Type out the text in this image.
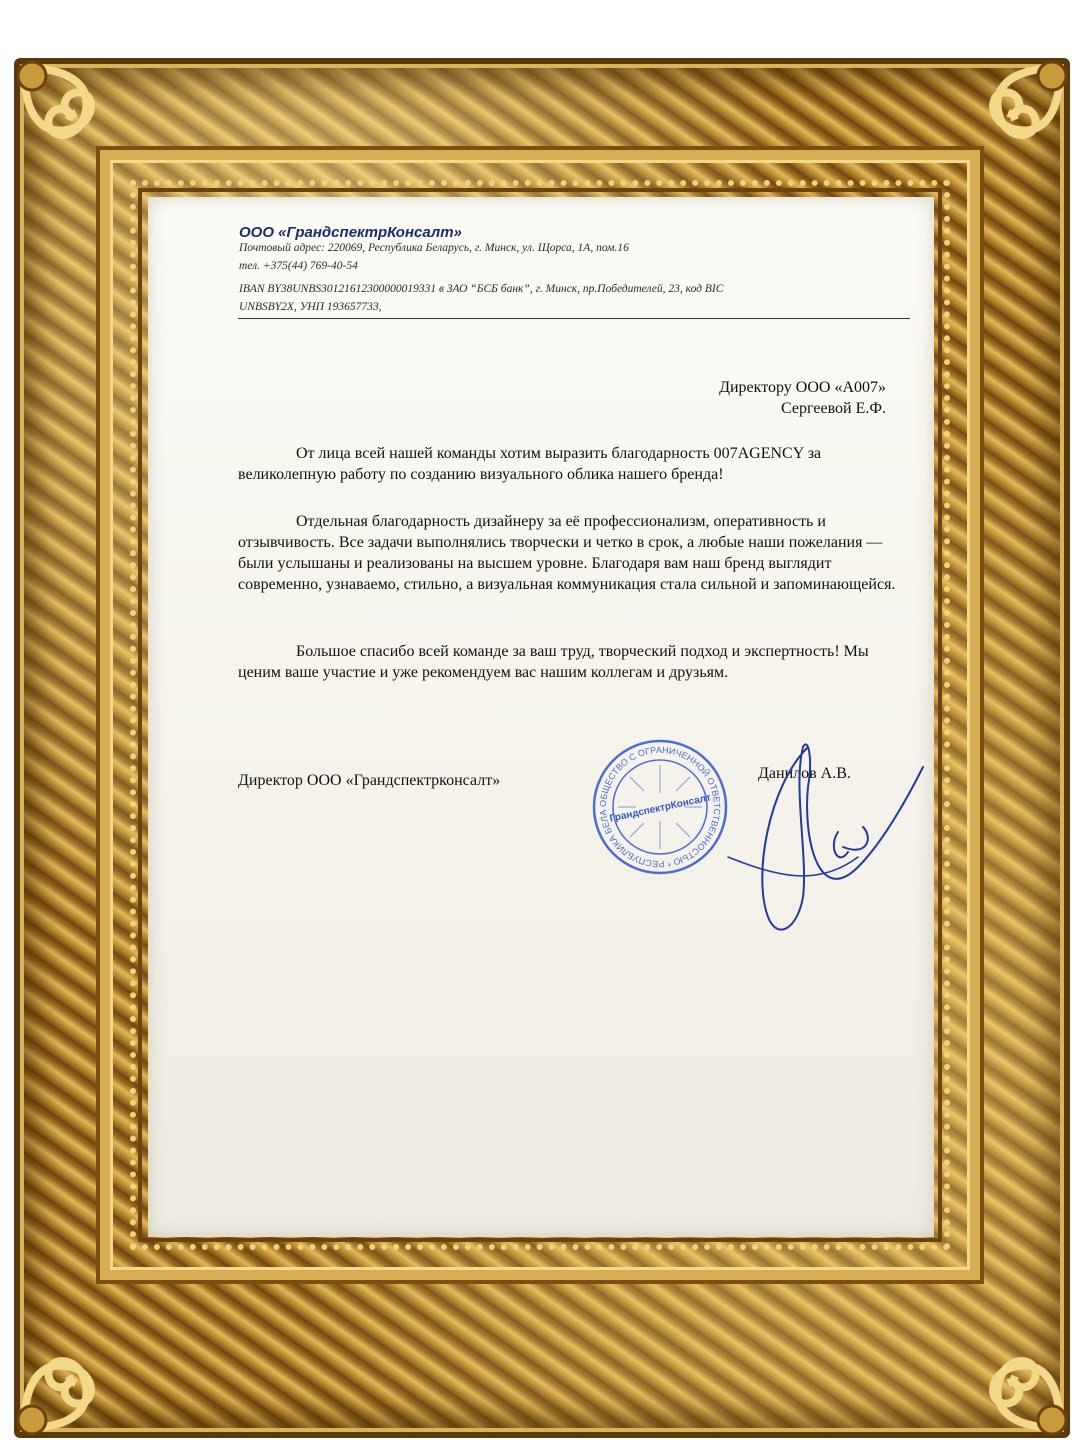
ООО «ГрандспектрКонсалт»
Почтовый адрес: 220069, Республика Беларусь, г. Минск, ул. Щорса, 1А, пом.16
тел. +375(44) 769-40-54
IBAN BY38UNBS30121612300000019331 в ЗАО “БСБ банк”, г. Минск, пр.Победителей, 23, код BIC
UNBSBY2X, УНП 193657733,
Директору ООО «А007»
Сергеевой Е.Ф.

От лица всей нашей команды хотим выразить благодарность 007AGENCY за великолепную работу по созданию визуального облика нашего бренда!

Отдельная благодарность дизайнеру за её профессионализм, оперативность и отзывчивость. Все задачи выполнялись творчески и четко в срок, а любые наши пожелания — были услышаны и реализованы на высшем уровне. Благодаря вам наш бренд выглядит современно, узнаваемо, стильно, а визуальная коммуникация стала сильной и запоминающейся.

Большое спасибо всей команде за ваш труд, творческий подход и экспертность! Мы ценим ваше участие и уже рекомендуем вас нашим коллегам и друзьям.

Директор ООО «Грандспектрконсалт»	Данилов А.В.
ОБЩЕСТВО С ОГРАНИЧЕННОЙ ОТВЕТСТВЕННОСТЬЮ * РЕСПУБЛИКА БЕЛАРУСЬ * ГОРОД МИНСК *
ГрандспектрКонсалт
